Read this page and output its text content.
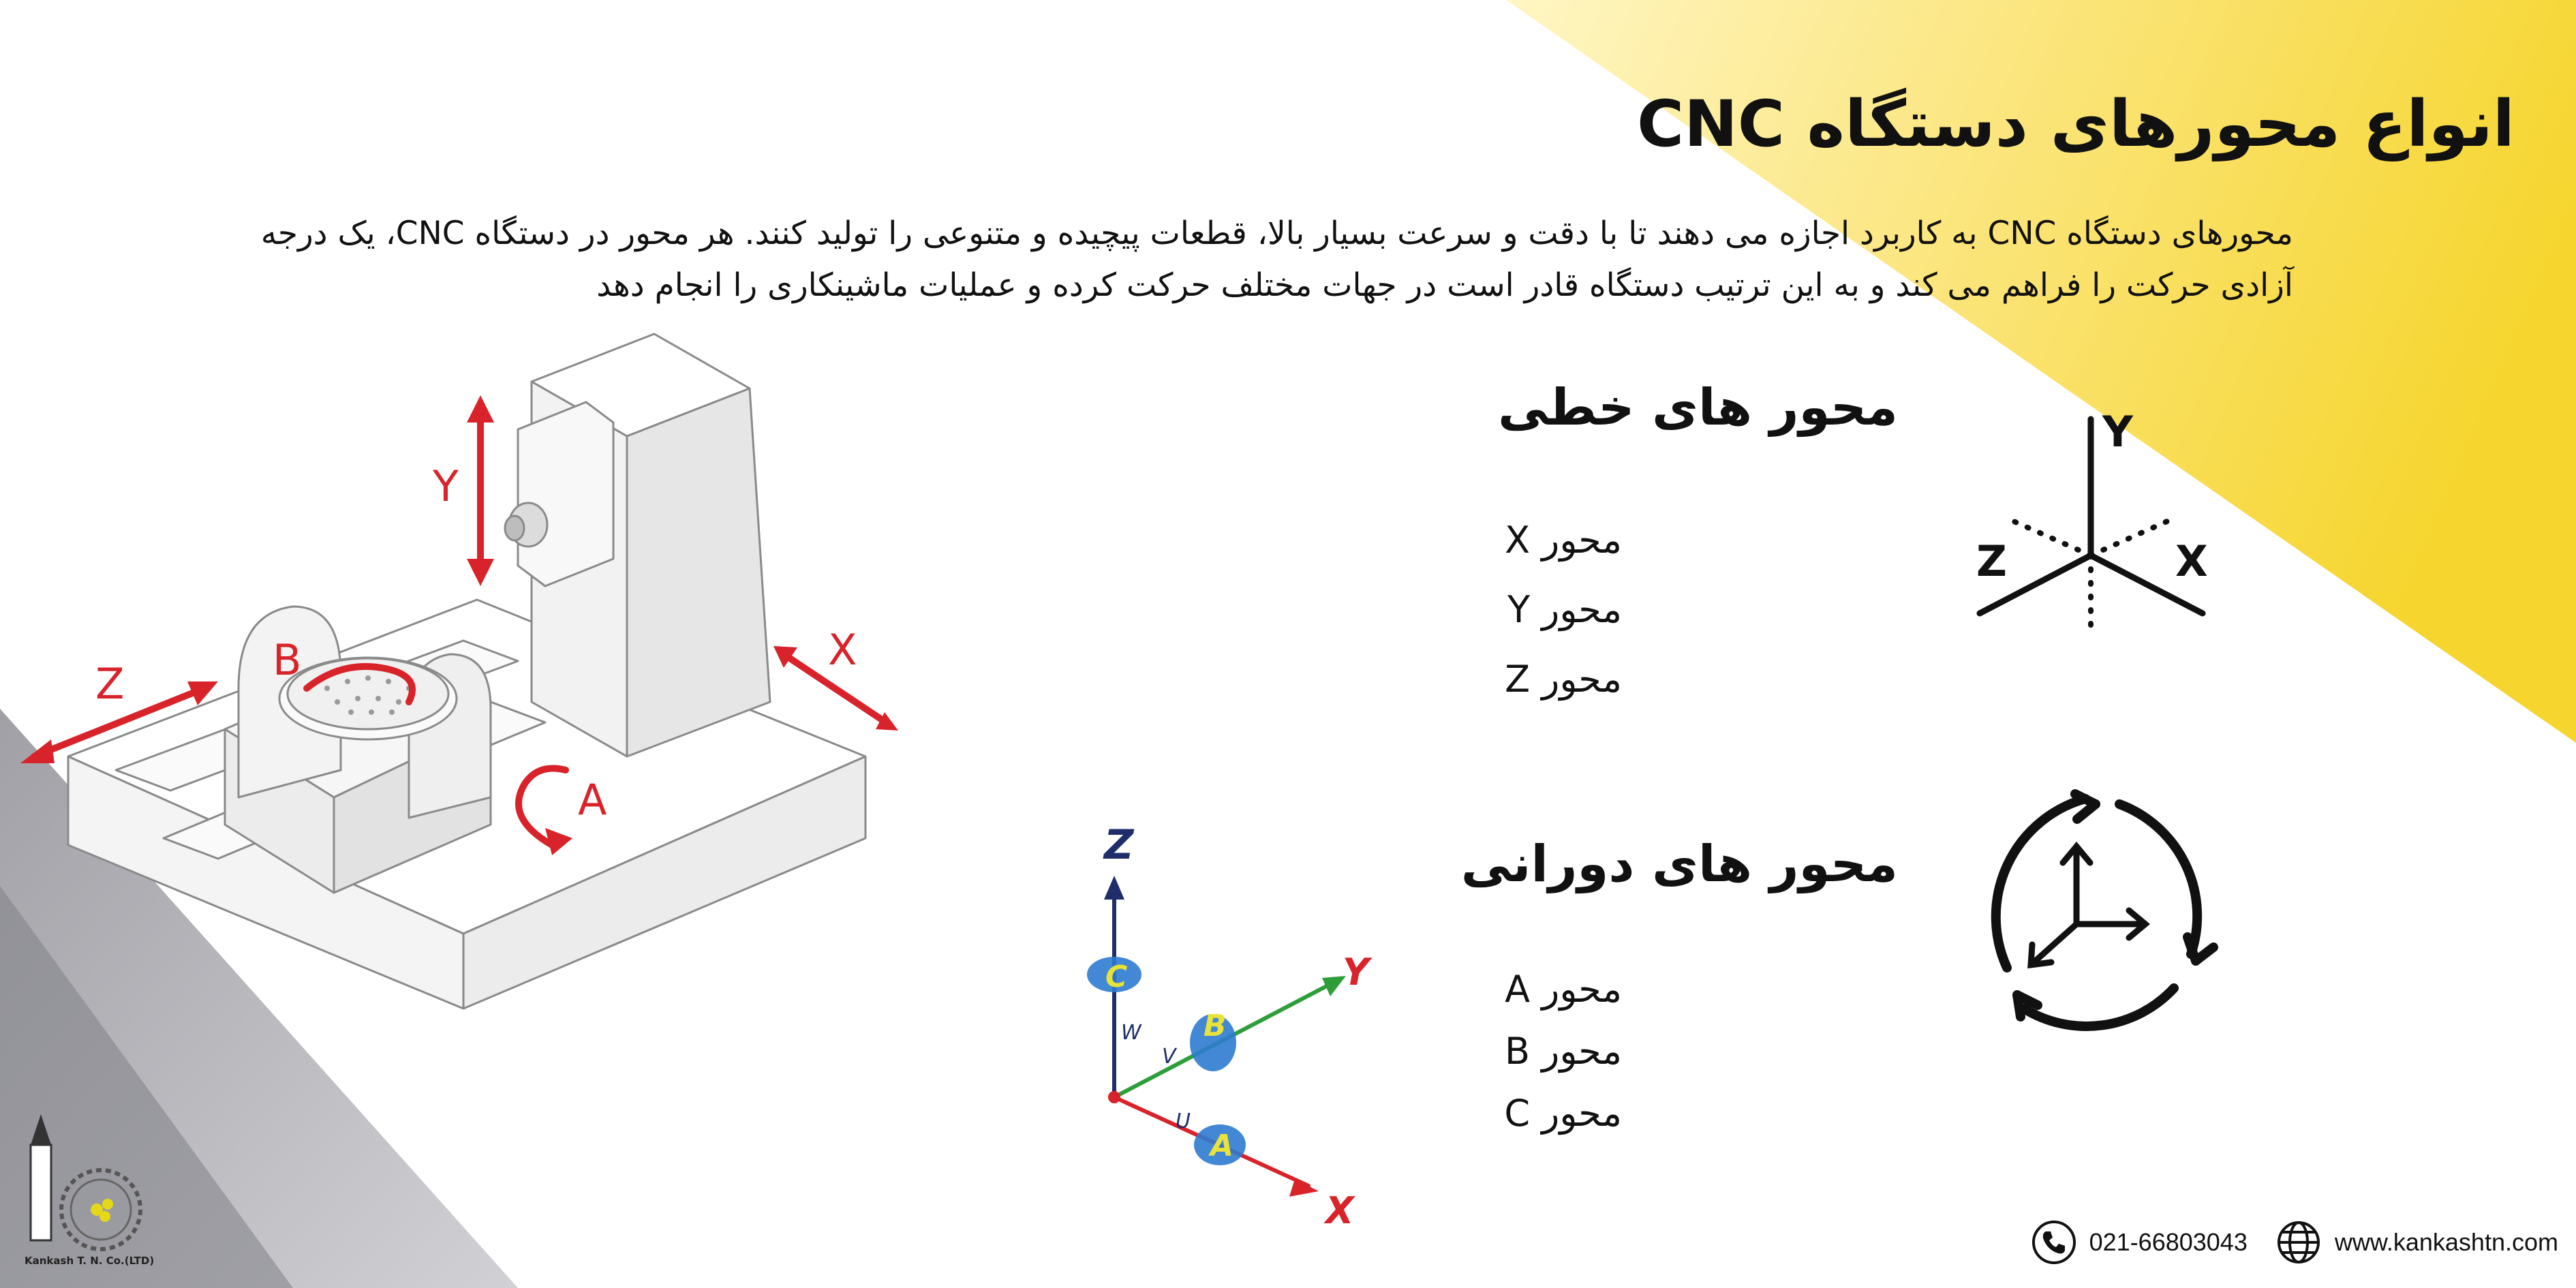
انواع محورهای دستگاه CNC
محورهای دستگاه CNC به کاربرد اجازه می دهند تا با دقت و سرعت بسیار بالا، قطعات پیچیده و متنوعی را تولید کنند. هر محور در دستگاه CNC، یک درجه آزادی حرکت را فراهم می کند و به این ترتیب دستگاه قادر است در جهات مختلف حرکت کرده و عملیات ماشینکاری را انجام دهد
Y
X
Z	B
A
C
B
A
Z
Y
X
W
V
U
محور های خطی
محور X
محور Y
محور Z
Y
X
Z
محور های دورانی
محور A
محور B
محور C
Kankash T. N. Co.(LTD)
021-66803043	www.kankashtn.com
